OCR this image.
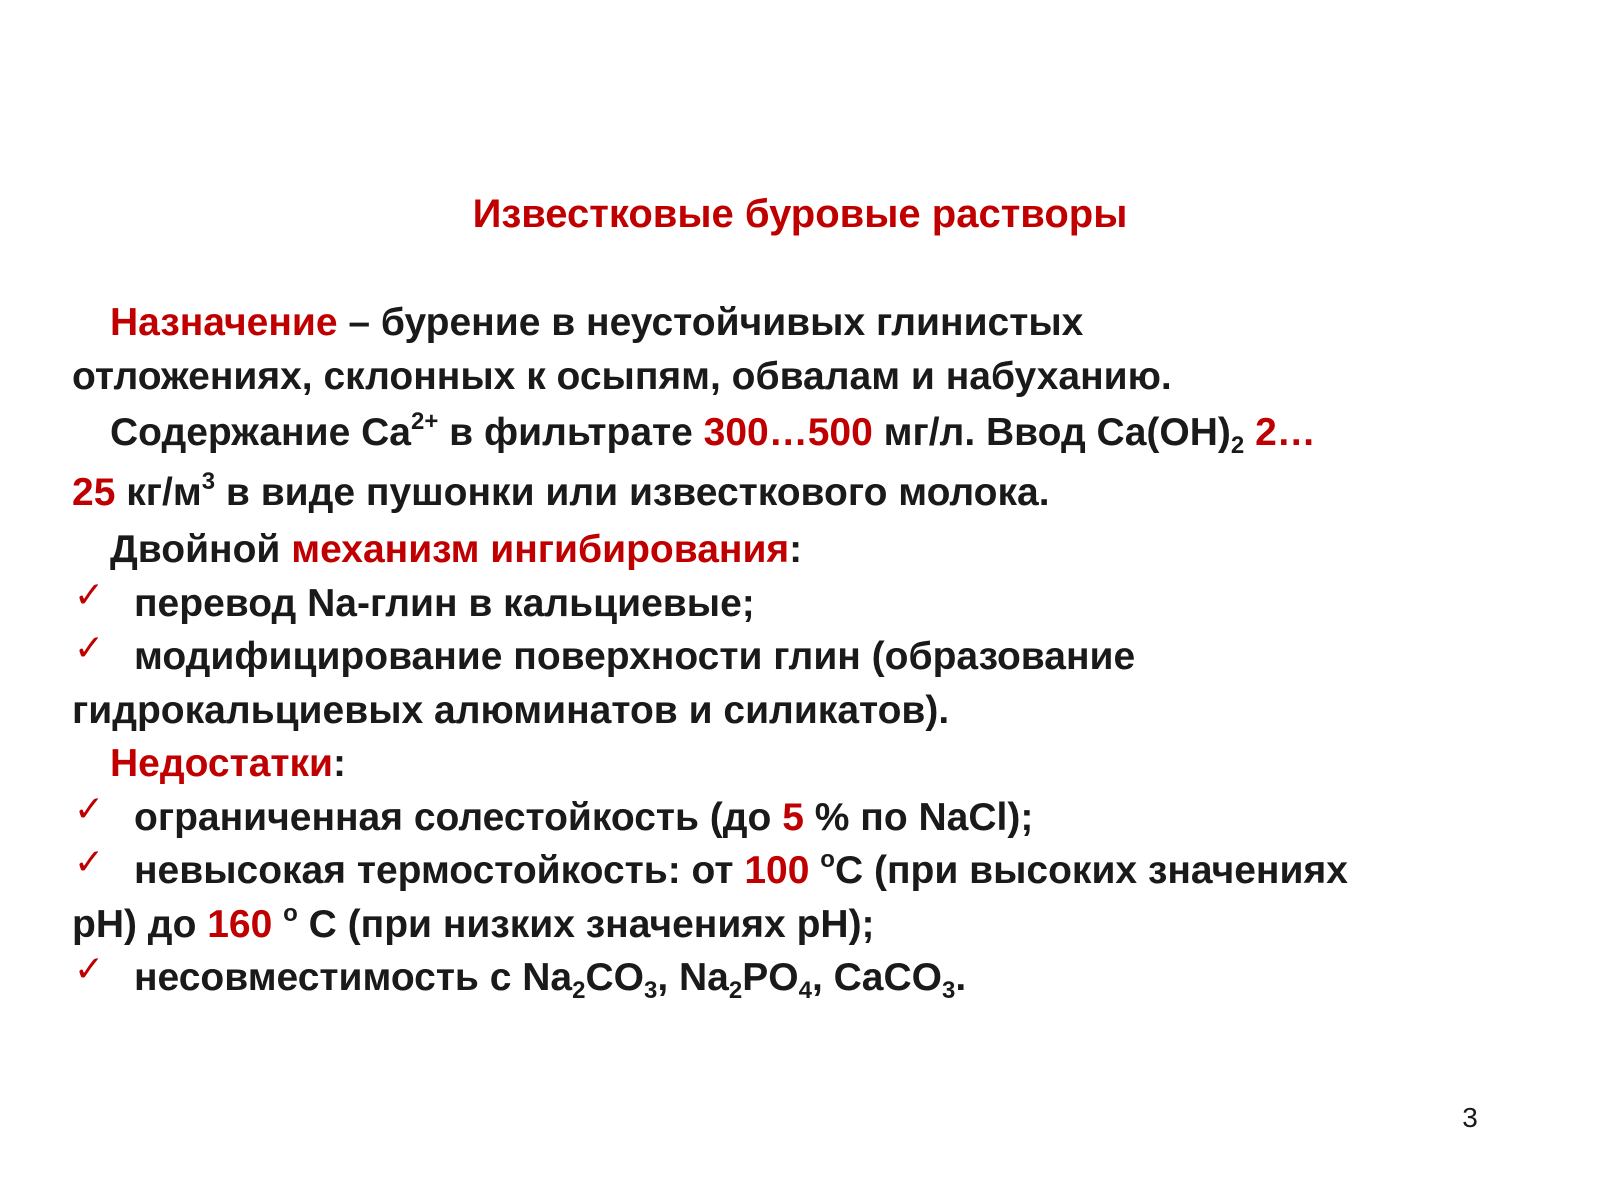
Известковые буровые растворы
Назначение – бурение в неустойчивых глинистых
отложениях, склонных к осыпям, обвалам и набуханию.
Содержание $Ca^{2+}$ в фильтрате 300…500 мг/л. Ввод $Ca(OH)_2$ 2…
25 $кг/м^3$ в виде пушонки или известкового молока.
Двойной механизм ингибирования:
✓ перевод Na-глин в кальциевые;
✓ модифицирование поверхности глин (образование
гидрокальциевых алюминатов и силикатов).
Недостатки:
✓ ограниченная солестойкость (до 5 % по NaCl);
✓ невысокая термостойкость: от 100 $^о$С (при высоких значениях
pH) до 160 $^о$ С (при низких значениях pH);
✓ несовместимость с $Na_2CO_3$, $Na_2PO_4$, CaCO$_3$.
3
